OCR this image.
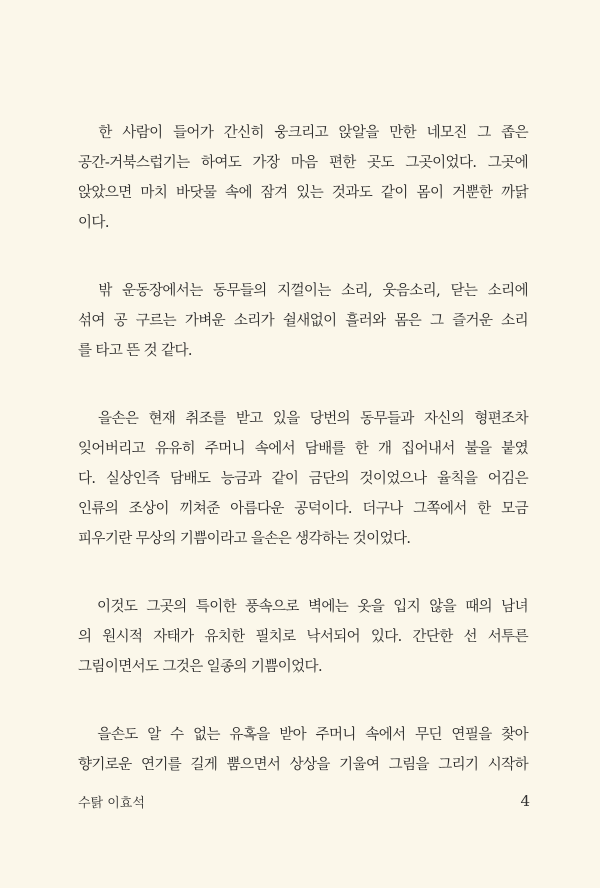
　한 사람이 들어가 간신히 웅크리고 앉알을 만한 네모진 그 좁은
공간-거북스럽기는 하여도 가장 마음 편한 곳도 그곳이었다. 그곳에
앉았으면 마치 바닷물 속에 잠겨 있는 것과도 같이 몸이 거뿐한 까닭
이다.

　밖 운동장에서는 동무들의 지껄이는 소리, 웃음소리, 닫는 소리에
섞여 공 구르는 가벼운 소리가 쉴새없이 흘러와 몸은 그 즐거운 소리
를 타고 뜬 것 같다.

　을손은 현재 취조를 받고 있을 당번의 동무들과 자신의 형편조차
잊어버리고 유유히 주머니 속에서 담배를 한 개 집어내서 불을 붙였
다. 실상인즉 담배도 능금과 같이 금단의 것이었으나 율칙을 어김은
인류의 조상이 끼쳐준 아름다운 공덕이다. 더구나 그쪽에서 한 모금
피우기란 무상의 기쁨이라고 을손은 생각하는 것이었다.

　이것도 그곳의 특이한 풍속으로 벽에는 옷을 입지 않을 때의 남녀
의 원시적 자태가 유치한 필치로 낙서되어 있다. 간단한 선 서투른
그림이면서도 그것은 일종의 기쁨이었다.

　을손도 알 수 없는 유혹을 받아 주머니 속에서 무딘 연필을 찾아
향기로운 연기를 길게 뿜으면서 상상을 기울여 그림을 그리기 시작하

수탉 이효석	4
